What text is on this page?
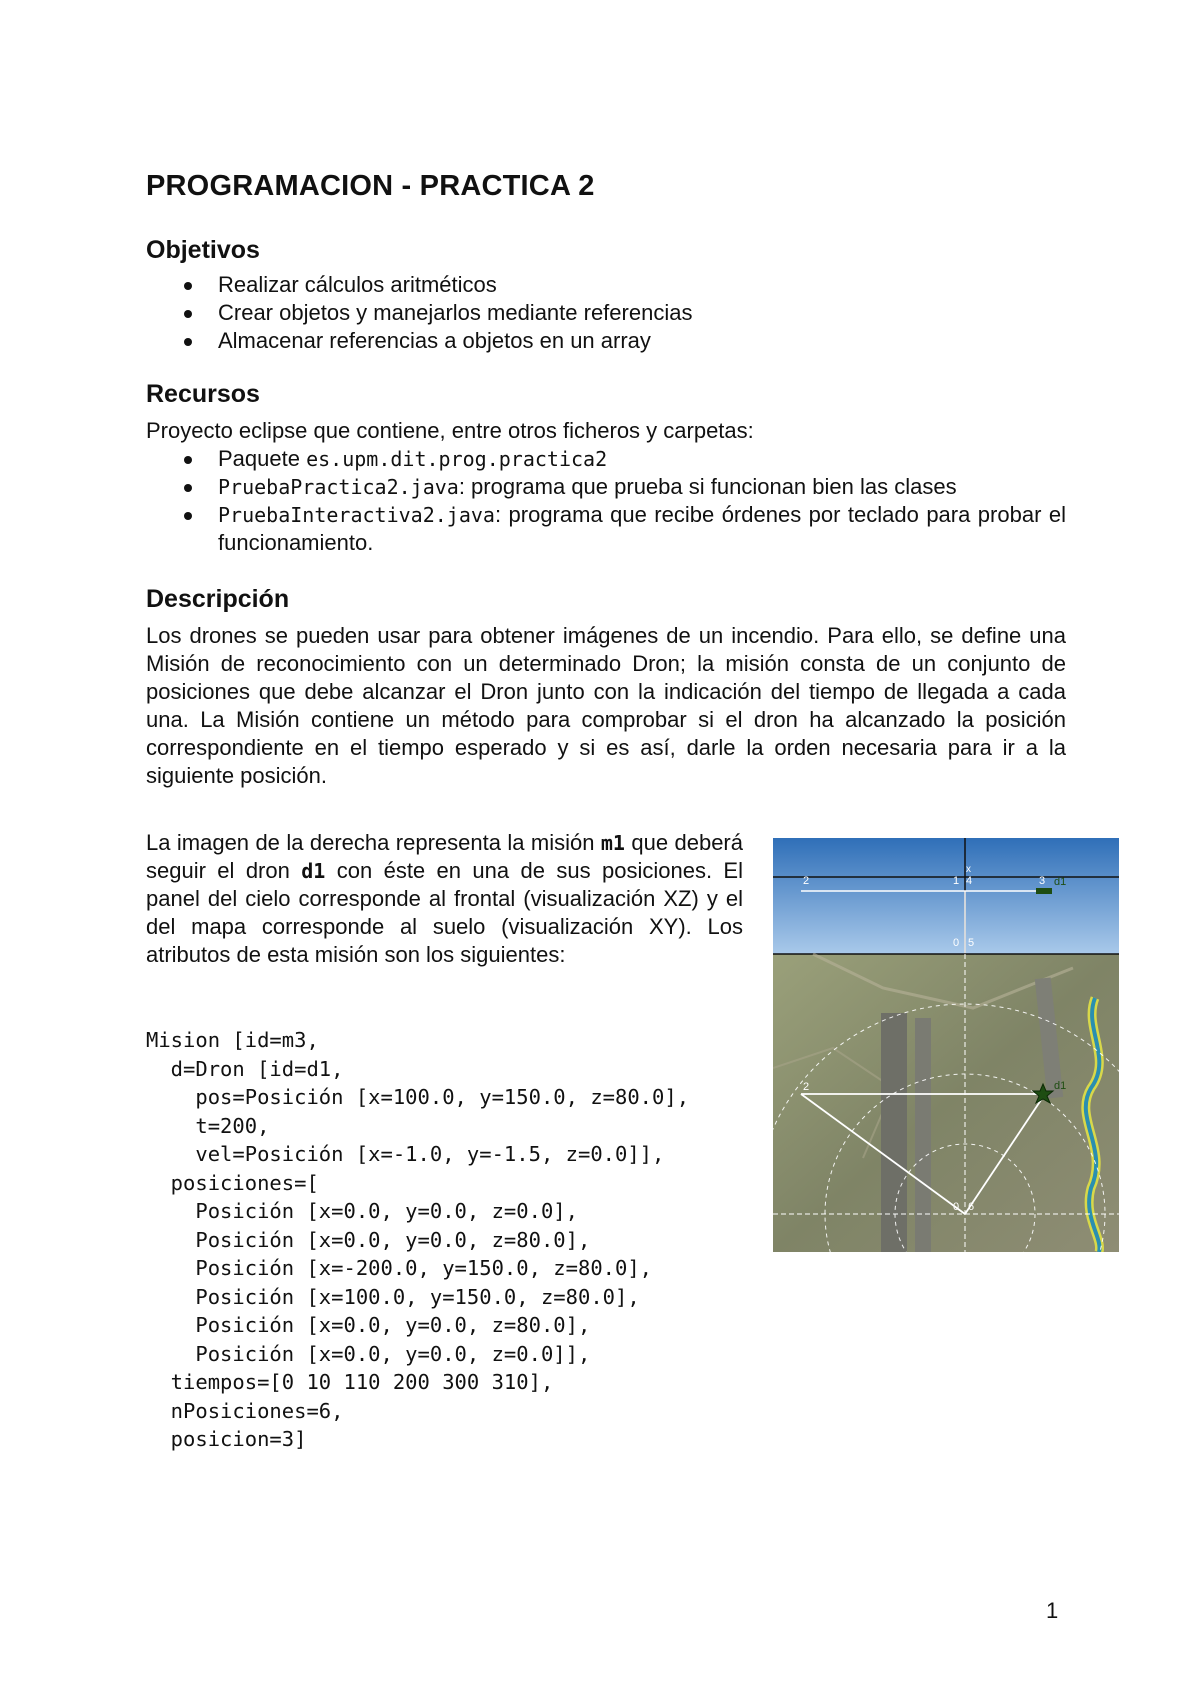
PROGRAMACION - PRACTICA 2
Objetivos
Realizar cálculos aritméticos
Crear objetos y manejarlos mediante referencias
Almacenar referencias a objetos en un array
Recursos

Proyecto eclipse que contiene, entre otros ficheros y carpetas:

Paquete es.upm.dit.prog.practica2
PruebaPractica2.java: programa que prueba si funcionan bien las clases
PruebaInteractiva2.java: programa que recibe órdenes por teclado para probar el funcionamiento.
Descripción

Los drones se pueden usar para obtener imágenes de un incendio. Para ello, se define una Misión de reconocimiento con un determinado Dron; la misión consta de un conjunto de posiciones que debe alcanzar el Dron junto con la indicación del tiempo de llegada a cada una. La Misión contiene un método para comprobar si el dron ha alcanzado la posición correspondiente en el tiempo esperado y si es así, darle la orden necesaria para ir a la siguiente posición.

La imagen de la derecha representa la misión m1 que deberá seguir el dron d1 con éste en una de sus posiciones. El panel del cielo corresponde al frontal (visualización XZ) y el del mapa corresponde al suelo (visualización XY). Los atributos de esta misión son los siguientes:

Mision [id=m3,
d=Dron [id=d1,
pos=Posición [x=100.0, y=150.0, z=80.0],
t=200,
vel=Posición [x=-1.0, y=-1.5, z=0.0]],
posiciones=[
Posición [x=0.0, y=0.0, z=0.0],
Posición [x=0.0, y=0.0, z=80.0],
Posición [x=-200.0, y=150.0, z=80.0],
Posición [x=100.0, y=150.0, z=80.0],
Posición [x=0.0, y=0.0, z=80.0],
Posición [x=0.0, y=0.0, z=0.0]],
tiempos=[0 10 110 200 300 310],
nPosiciones=6,
posicion=3]
2	1 4
x
3 d1
0 5
2	d1
0 6
1
